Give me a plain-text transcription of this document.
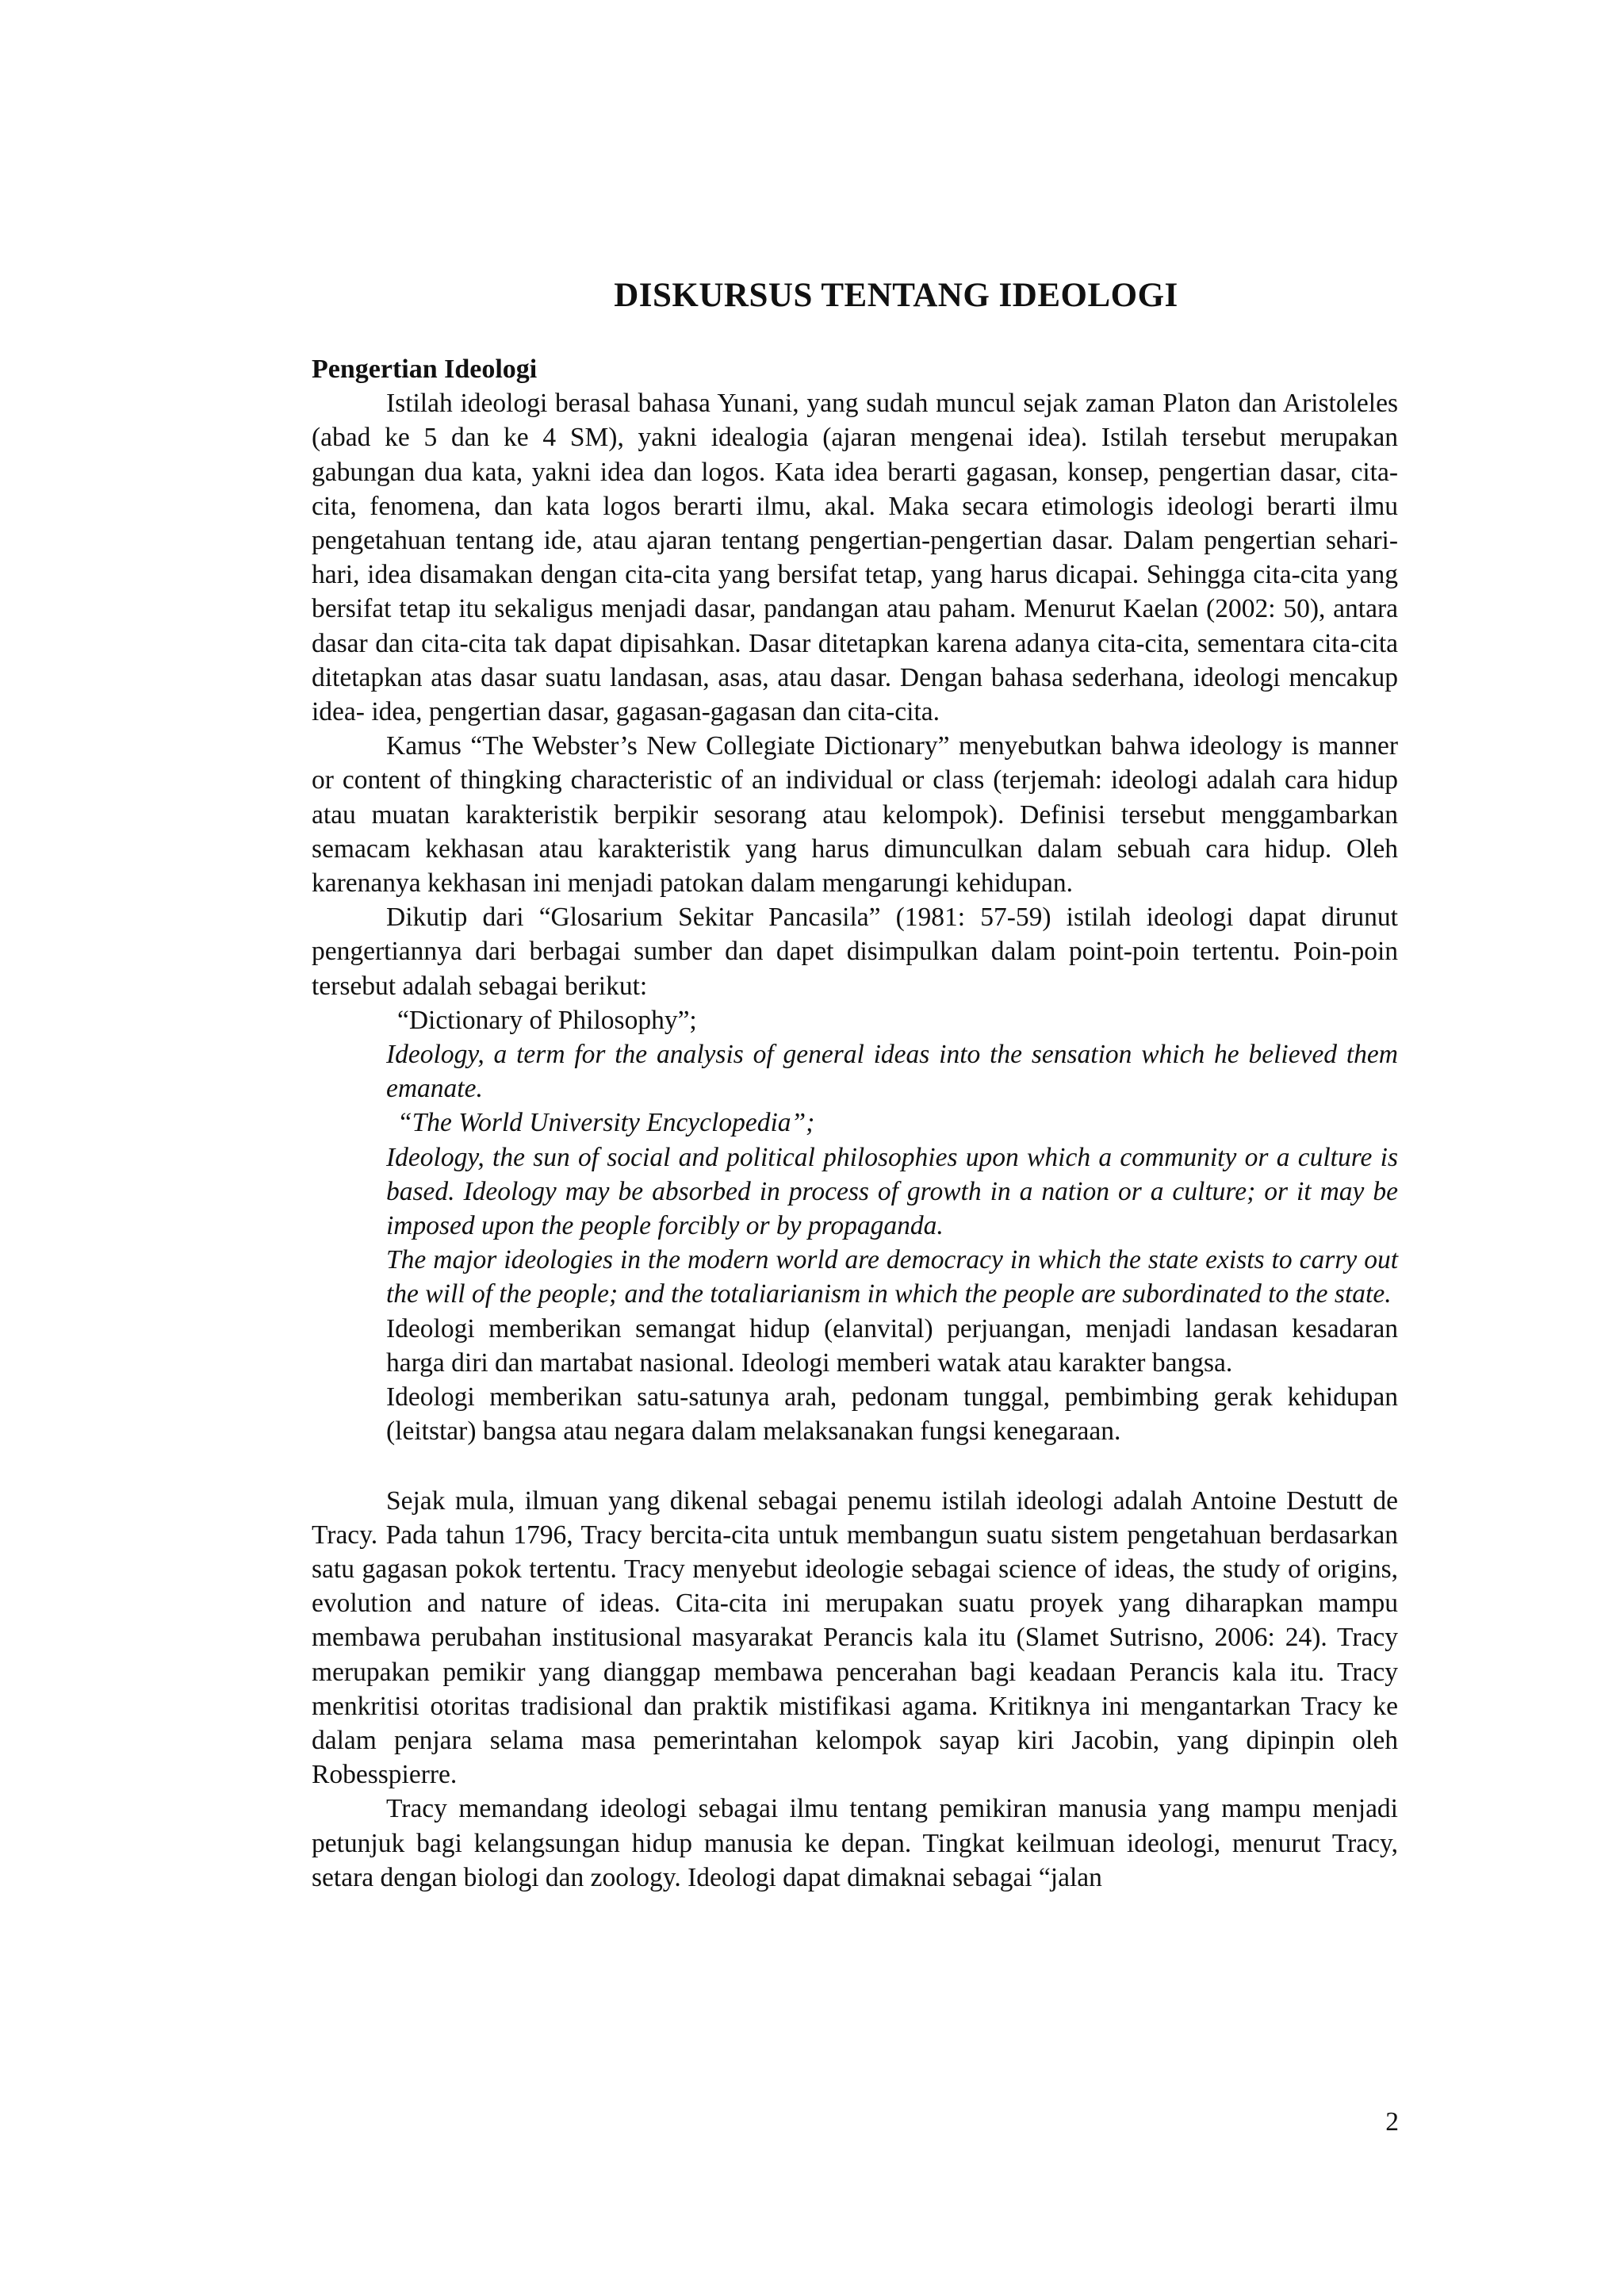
DISKURSUS TENTANG IDEOLOGI
Pengertian Ideologi

Istilah ideologi berasal bahasa Yunani, yang sudah muncul sejak zaman Platon dan Aristoleles (abad ke 5 dan ke 4 SM), yakni idealogia (ajaran mengenai idea). Istilah tersebut merupakan gabungan dua kata, yakni idea dan logos. Kata idea berarti gagasan, konsep, pengertian dasar, cita-cita, fenomena, dan kata logos berarti ilmu, akal. Maka secara etimologis ideologi berarti ilmu pengetahuan tentang ide, atau ajaran tentang pengertian-pengertian dasar. Dalam pengertian sehari-hari, idea disamakan dengan cita-cita yang bersifat tetap, yang harus dicapai. Sehingga cita-cita yang bersifat tetap itu sekaligus menjadi dasar, pandangan atau paham. Menurut Kaelan (2002: 50), antara dasar dan cita-cita tak dapat dipisahkan. Dasar ditetapkan karena adanya cita-cita, sementara cita-cita ditetapkan atas dasar suatu landasan, asas, atau dasar. Dengan bahasa sederhana, ideologi mencakup idea- idea, pengertian dasar, gagasan-gagasan dan cita-cita.

Kamus “The Webster’s New Collegiate Dictionary” menyebutkan bahwa ideology is manner or content of thingking characteristic of an individual or class (terjemah: ideologi adalah cara hidup atau muatan karakteristik berpikir sesorang atau kelompok). Definisi tersebut menggambarkan semacam kekhasan atau karakteristik yang harus dimunculkan dalam sebuah cara hidup. Oleh karenanya kekhasan ini menjadi patokan dalam mengarungi kehidupan.

Dikutip dari “Glosarium Sekitar Pancasila” (1981: 57-59) istilah ideologi dapat dirunut pengertiannya dari berbagai sumber dan dapet disimpulkan dalam point-poin tertentu. Poin-poin tersebut adalah sebagai berikut:

“Dictionary of Philosophy”;

Ideology, a term for the analysis of general ideas into the sensation which he believed them emanate.

“The World University Encyclopedia”;

Ideology, the sun of social and political philosophies upon which a community or a culture is based. Ideology may be absorbed in process of growth in a nation or a culture; or it may be imposed upon the people forcibly or by propaganda.

The major ideologies in the modern world are democracy in which the state exists to carry out the will of the people; and the totaliarianism in which the people are subordinated to the state.

Ideologi memberikan semangat hidup (elanvital) perjuangan, menjadi landasan kesadaran harga diri dan martabat nasional. Ideologi memberi watak atau karakter bangsa.

Ideologi memberikan satu-satunya arah, pedonam tunggal, pembimbing gerak kehidupan (leitstar) bangsa atau negara dalam melaksanakan fungsi kenegaraan.

Sejak mula, ilmuan yang dikenal sebagai penemu istilah ideologi adalah Antoine Destutt de Tracy. Pada tahun 1796, Tracy bercita-cita untuk membangun suatu sistem pengetahuan berdasarkan satu gagasan pokok tertentu. Tracy menyebut ideologie sebagai science of ideas, the study of origins, evolution and nature of ideas. Cita-cita ini merupakan suatu proyek yang diharapkan mampu membawa perubahan institusional masyarakat Perancis kala itu (Slamet Sutrisno, 2006: 24). Tracy merupakan pemikir yang dianggap membawa pencerahan bagi keadaan Perancis kala itu. Tracy menkritisi otoritas tradisional dan praktik mistifikasi agama. Kritiknya ini mengantarkan Tracy ke dalam penjara selama masa pemerintahan kelompok sayap kiri Jacobin, yang dipinpin oleh Robesspierre.

Tracy memandang ideologi sebagai ilmu tentang pemikiran manusia yang mampu menjadi petunjuk bagi kelangsungan hidup manusia ke depan. Tingkat keilmuan ideologi, menurut Tracy, setara dengan biologi dan zoology. Ideologi dapat dimaknai sebagai “jalan

2
